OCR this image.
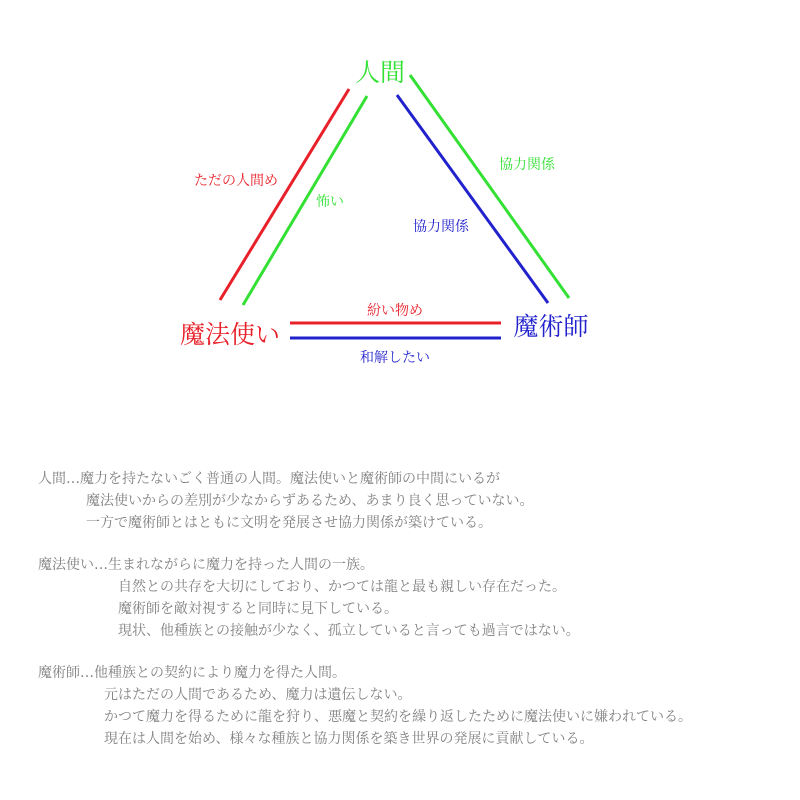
人間
魔法使い	魔術師
ただの人間め
怖い
協力関係
協力関係
紛い物め
和解したい
人間…魔力を持たないごく普通の人間。魔法使いと魔術師の中間にいるが
魔法使いからの差別が少なからずあるため、あまり良く思っていない。
一方で魔術師とはともに文明を発展させ協力関係が築けている。
魔法使い…生まれながらに魔力を持った人間の一族。
自然との共存を大切にしており、かつては龍と最も親しい存在だった。
魔術師を敵対視すると同時に見下している。
現状、他種族との接触が少なく、孤立していると言っても過言ではない。
魔術師…他種族との契約により魔力を得た人間。
元はただの人間であるため、魔力は遺伝しない。
かつて魔力を得るために龍を狩り、悪魔と契約を繰り返したために魔法使いに嫌われている。
現在は人間を始め、様々な種族と協力関係を築き世界の発展に貢献している。
